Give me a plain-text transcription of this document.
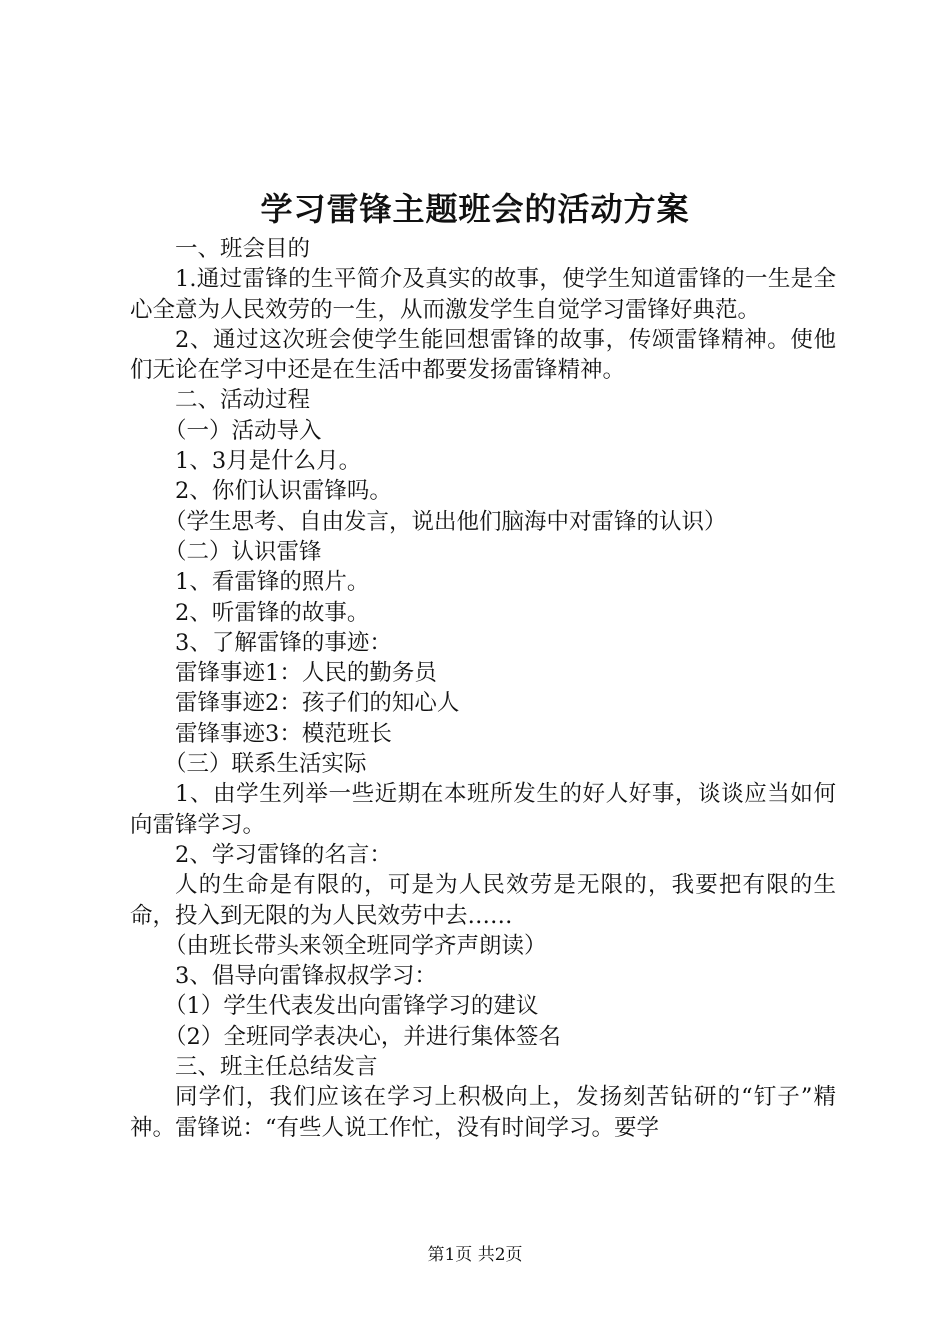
学习雷锋主题班会的活动方案

一、班会目的

1.通过雷锋的生平简介及真实的故事，使学生知道雷锋的一生是全心全意为人民效劳的一生，从而激发学生自觉学习雷锋好典范。

2、通过这次班会使学生能回想雷锋的故事，传颂雷锋精神。使他们无论在学习中还是在生活中都要发扬雷锋精神。

二、活动过程

（一）活动导入

1、3月是什么月。

2、你们认识雷锋吗。

（学生思考、自由发言，说出他们脑海中对雷锋的认识）

（二）认识雷锋

1、看雷锋的照片。

2、听雷锋的故事。

3、了解雷锋的事迹：

雷锋事迹1：人民的勤务员

雷锋事迹2：孩子们的知心人

雷锋事迹3：模范班长

（三）联系生活实际

1、由学生列举一些近期在本班所发生的好人好事，谈谈应当如何向雷锋学习。

2、学习雷锋的名言：

人的生命是有限的，可是为人民效劳是无限的，我要把有限的生命，投入到无限的为人民效劳中去……

（由班长带头来领全班同学齐声朗读）

3、倡导向雷锋叔叔学习：

（1）学生代表发出向雷锋学习的建议

（2）全班同学表决心，并进行集体签名

三、班主任总结发言

同学们，我们应该在学习上积极向上，发扬刻苦钻研的“钉子”精神。雷锋说：“有些人说工作忙，没有时间学习。要学

第1页 共2页
